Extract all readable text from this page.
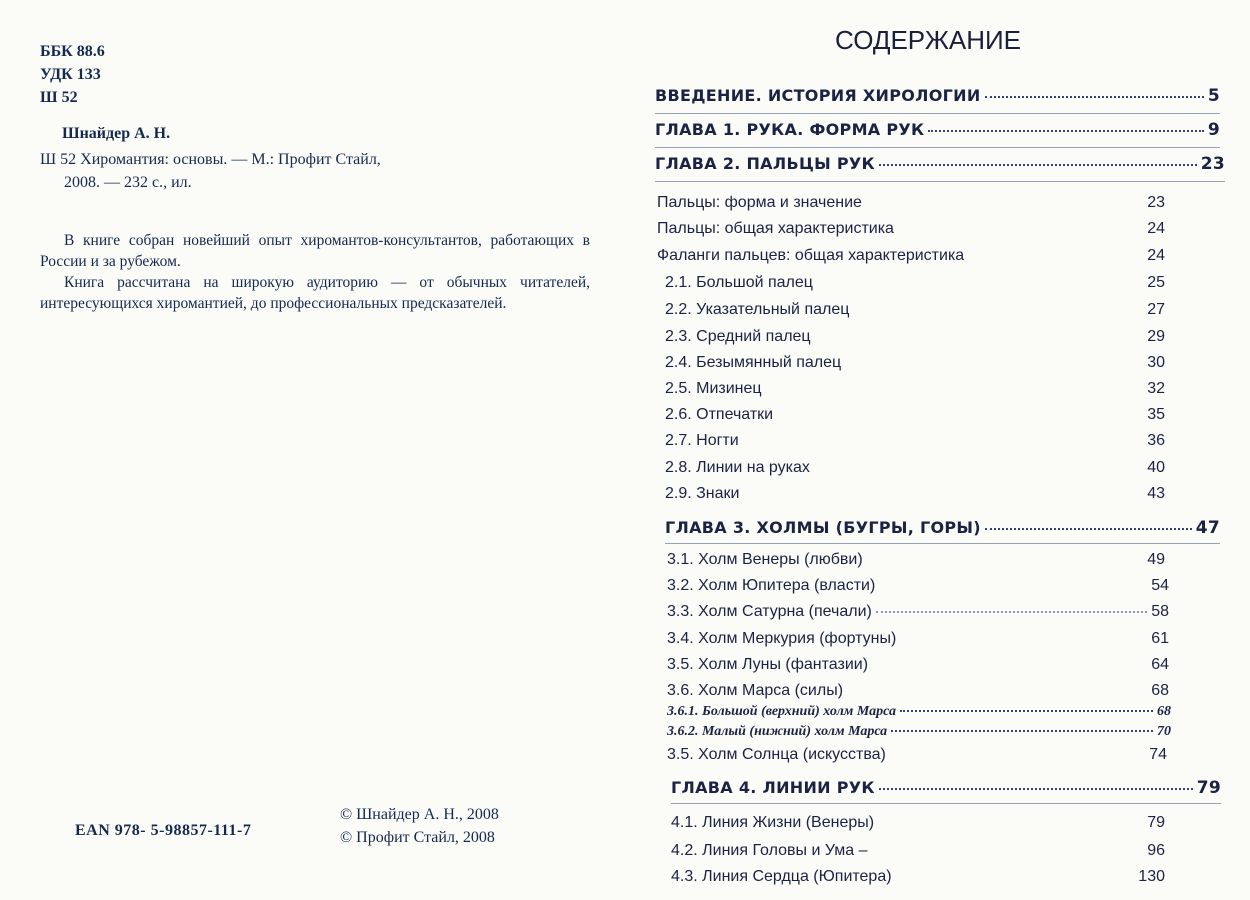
ББК 88.6
УДК 133
Ш 52
Шнайдер А. Н.
Ш 52 Хиромантия: основы. — М.: Профит Стайл,
2008. — 232 с., ил.

В книге собран новейший опыт хиромантов-консультантов, работающих в России и за рубежом.

Книга рассчитана на широкую аудиторию — от обычных читателей, интересующихся хиромантией, до профессиональных предсказателей.

EAN 978- 5-98857-111-7
© Шнайдер А. Н., 2008
© Профит Стайл, 2008
СОДЕРЖАНИЕ
ВВЕДЕНИЕ. ИСТОРИЯ ХИРОЛОГИИ	5
ГЛАВА 1. РУКА. ФОРМА РУК	9
ГЛАВА 2. ПАЛЬЦЫ РУК	23
Пальцы: форма и значение	23
Пальцы: общая характеристика	24
Фаланги пальцев: общая характеристика	24
2.1. Большой палец	25
2.2. Указательный палец	27
2.3. Средний палец	29
2.4. Безымянный палец	30
2.5. Мизинец	32
2.6. Отпечатки	35
2.7. Ногти	36
2.8. Линии на руках	40
2.9. Знаки	43
ГЛАВА 3. ХОЛМЫ (БУГРЫ, ГОРЫ)	47
3.1. Холм Венеры (любви)	49
3.2. Холм Юпитера (власти)	54
3.3. Холм Сатурна (печали)	58
3.4. Холм Меркурия (фортуны)	61
3.5. Холм Луны (фантазии)	64
3.6. Холм Марса (силы)	68
3.6.1. Большой (верхний) холм Марса	68
3.6.2. Малый (нижний) холм Марса	70
3.5. Холм Солнца (искусства)	74
ГЛАВА 4. ЛИНИИ РУК	79
4.1. Линия Жизни (Венеры)	79
4.2. Линия Головы и Ума –	96
4.3. Линия Сердца (Юпитера)	130
